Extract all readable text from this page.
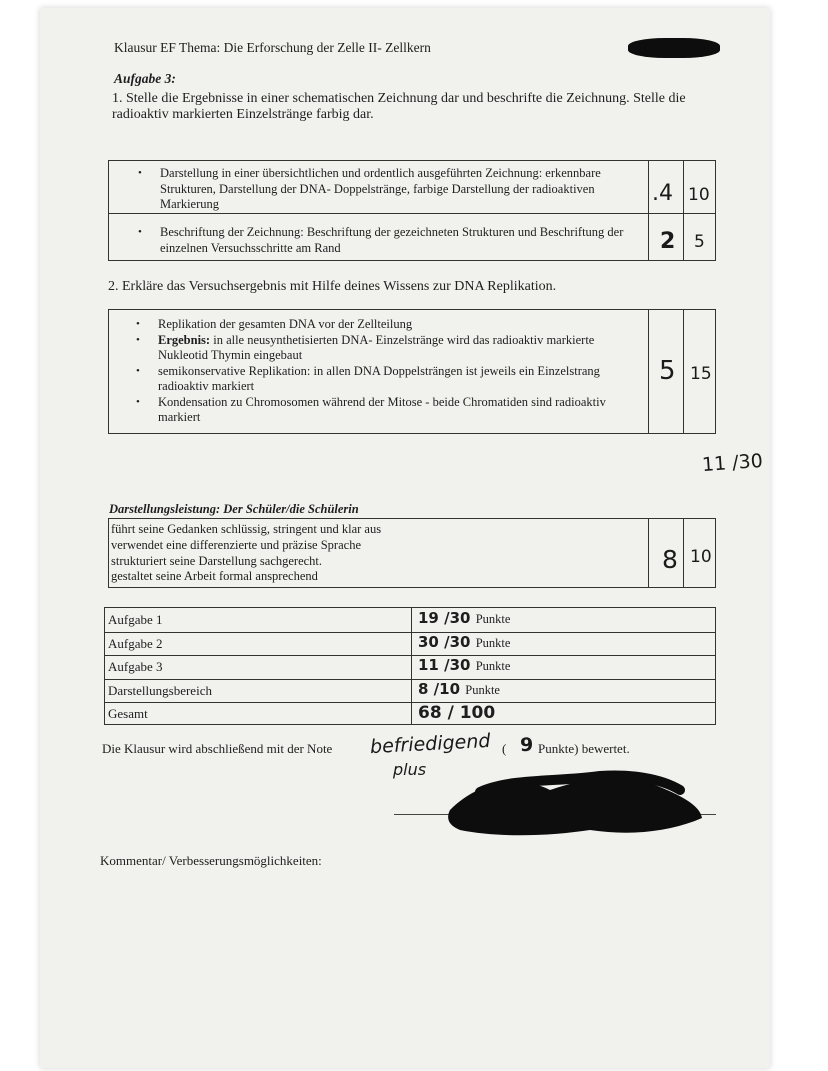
Klausur EF Thema: Die Erforschung der Zelle II- Zellkern
Aufgabe 3:
1. Stelle die Ergebnisse in einer schematischen Zeichnung dar und beschrifte die Zeichnung. Stelle die radioaktiv markierten Einzelstränge farbig dar.
• Darstellung in einer übersichtlichen und ordentlich ausgeführten Zeichnung: erkennbare Strukturen, Darstellung der DNA- Doppelstränge, farbige Darstellung der radioaktiven Markierung	.4 10
• Beschriftung der Zeichnung: Beschriftung der gezeichneten Strukturen und Beschriftung der einzelnen Versuchsschritte am Rand	2 5
2. Erkläre das Versuchsergebnis mit Hilfe deines Wissens zur DNA Replikation.
• Replikation der gesamten DNA vor der Zellteilung
• Ergebnis: in alle neusynthetisierten DNA- Einzelstränge wird das radioaktiv markierte Nukleotid Thymin eingebaut
• semikonservative Replikation: in allen DNA Doppelsträngen ist jeweils ein Einzelstrang radioaktiv markiert
• Kondensation zu Chromosomen während der Mitose - beide Chromatiden sind radioaktiv markiert
5 15
11 /30
Darstellungsleistung: Der Schüler/die Schülerin
führt seine Gedanken schlüssig, stringent und klar aus
verwendet eine differenzierte und präzise Sprache
strukturiert seine Darstellung sachgerecht.
gestaltet seine Arbeit formal ansprechend
8 10
Aufgabe 1	19 /30 Punkte
Aufgabe 2	30 /30 Punkte
Aufgabe 3	11 /30 Punkte
Darstellungsbereich	8 /10 Punkte
Gesamt	68 / 100
Die Klausur wird abschließend mit der Note befriedigend
plus
( 9 Punkte) bewertet.
Kommentar/ Verbesserungsmöglichkeiten:
